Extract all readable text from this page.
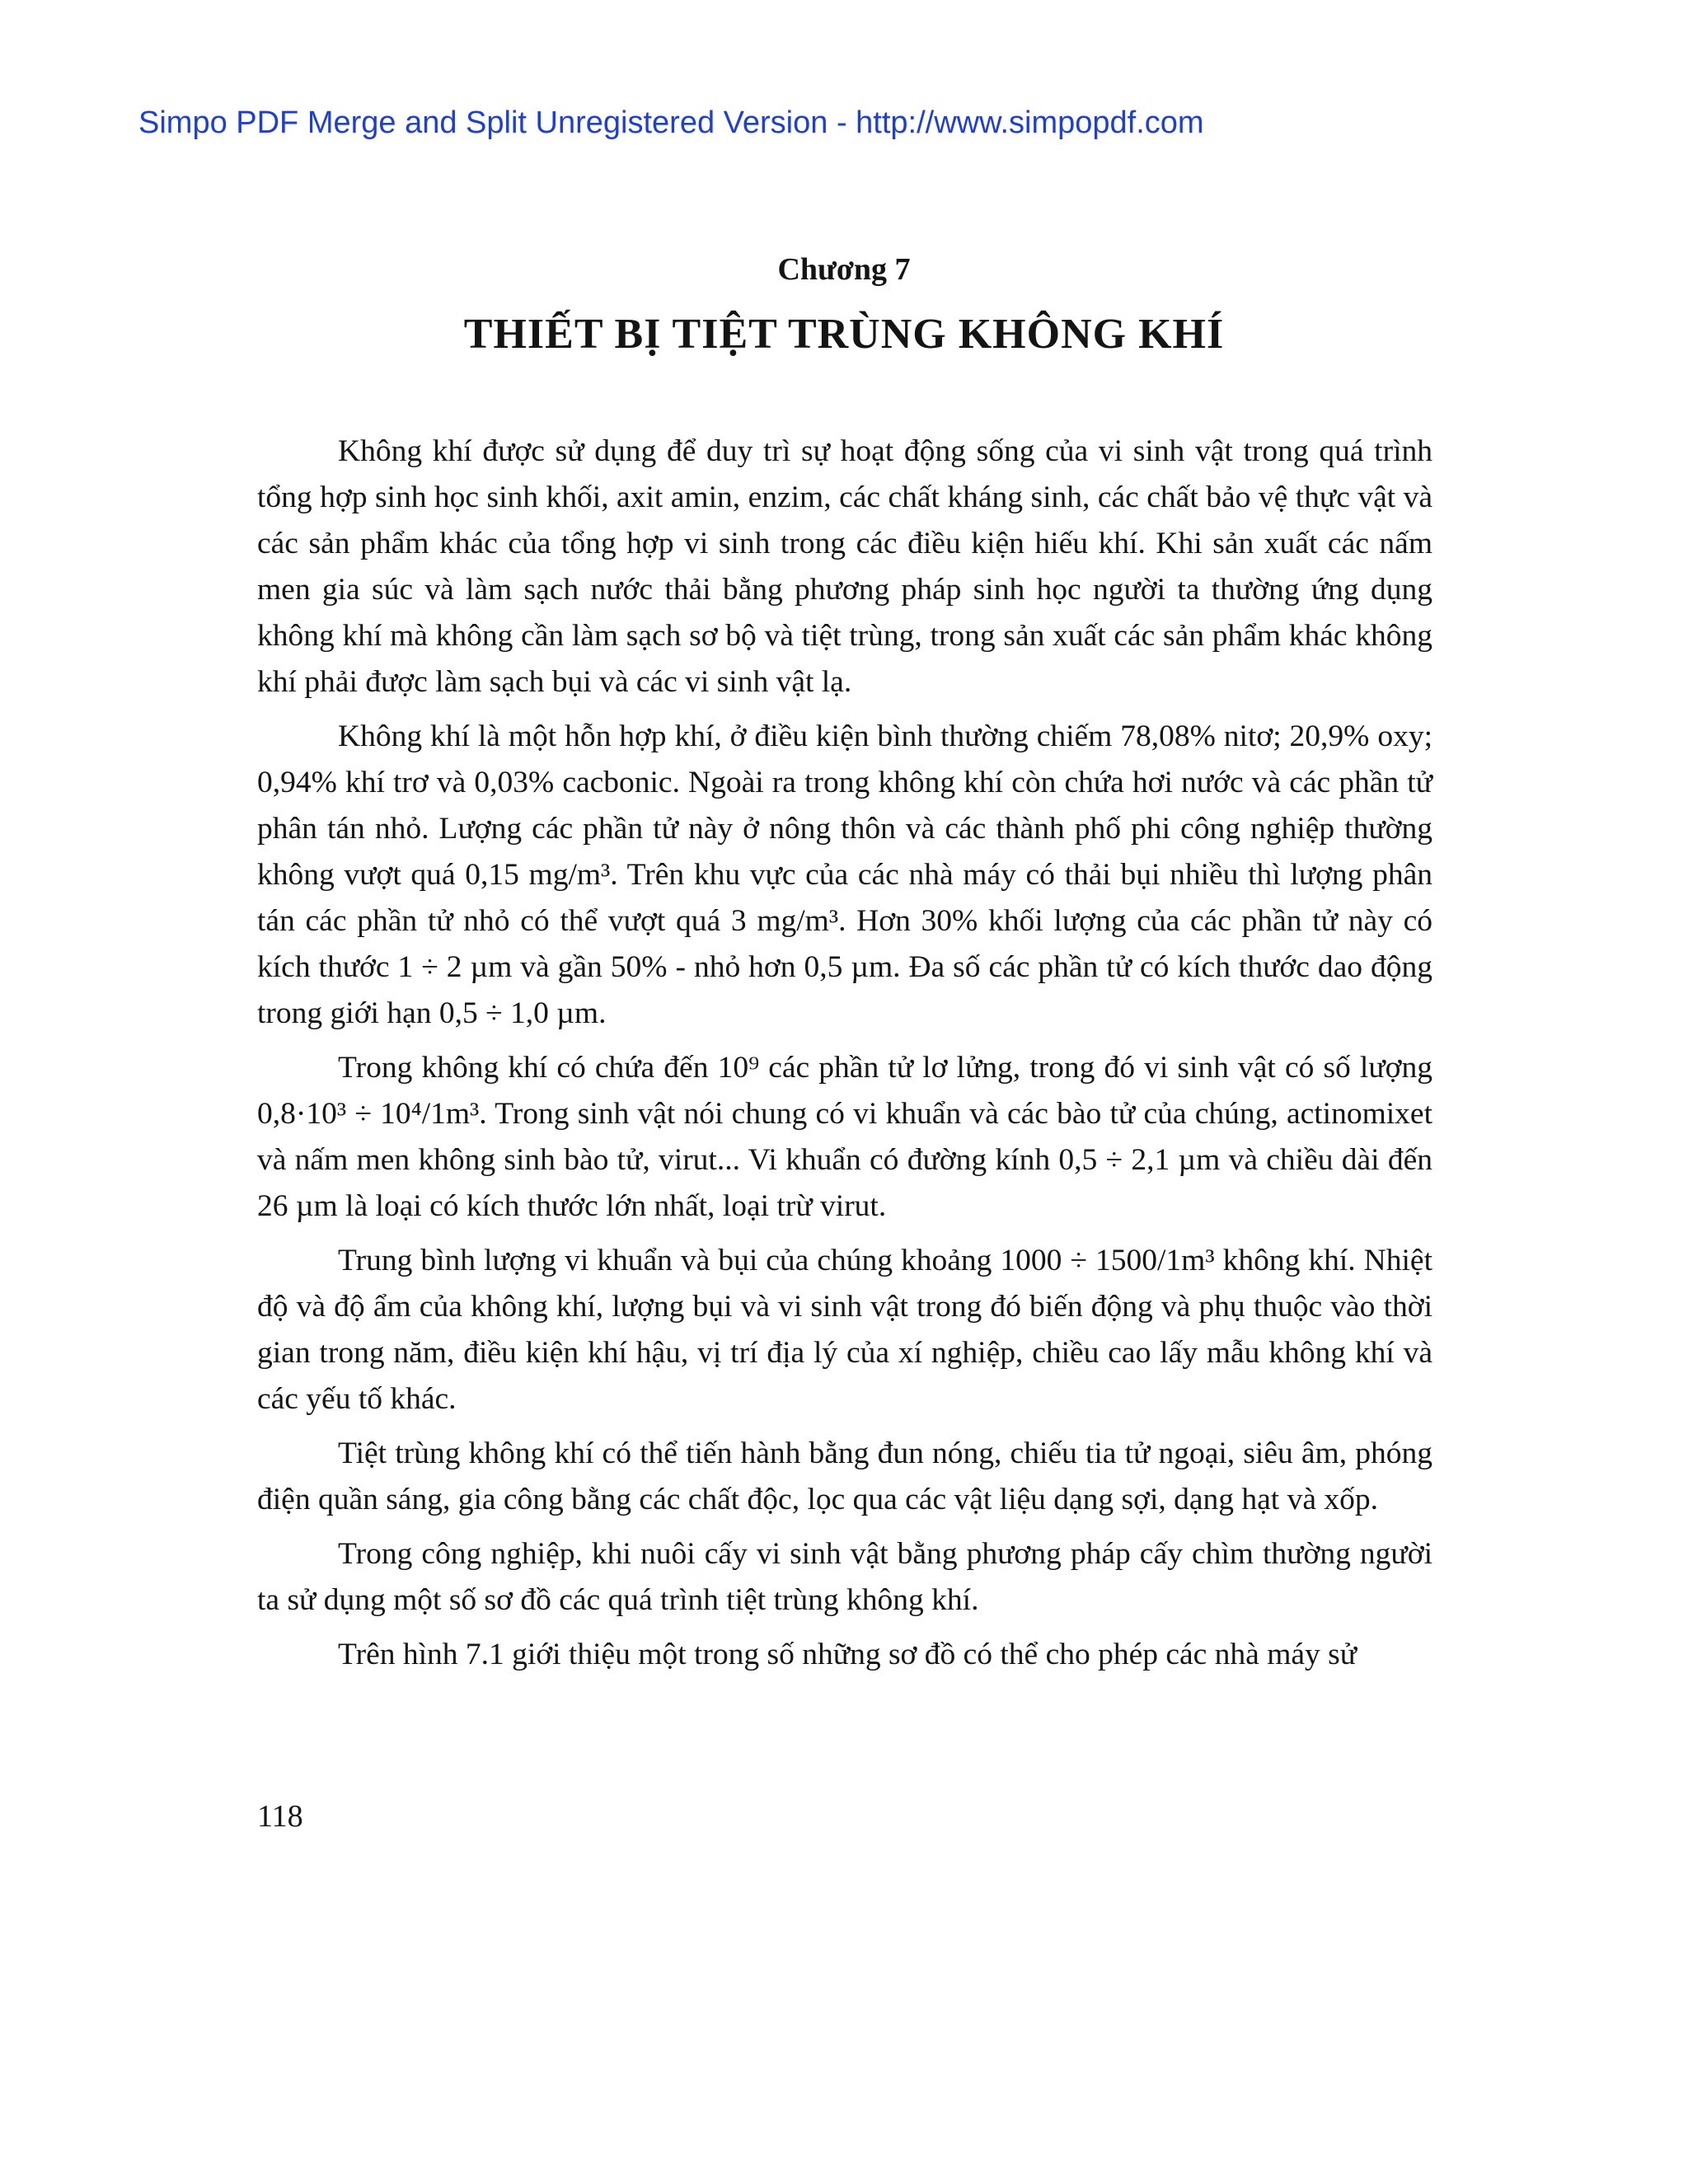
Simpo PDF Merge and Split Unregistered Version - http://www.simpopdf.com
Chương 7
THIẾT BỊ TIỆT TRÙNG KHÔNG KHÍ

Không khí được sử dụng để duy trì sự hoạt động sống của vi sinh vật trong quá trình tổng hợp sinh học sinh khối, axit amin, enzim, các chất kháng sinh, các chất bảo vệ thực vật và các sản phẩm khác của tổng hợp vi sinh trong các điều kiện hiếu khí. Khi sản xuất các nấm men gia súc và làm sạch nước thải bằng phương pháp sinh học người ta thường ứng dụng không khí mà không cần làm sạch sơ bộ và tiệt trùng, trong sản xuất các sản phẩm khác không khí phải được làm sạch bụi và các vi sinh vật lạ.

Không khí là một hỗn hợp khí, ở điều kiện bình thường chiếm 78,08% nitơ; 20,9% oxy; 0,94% khí trơ và 0,03% cacbonic. Ngoài ra trong không khí còn chứa hơi nước và các phần tử phân tán nhỏ. Lượng các phần tử này ở nông thôn và các thành phố phi công nghiệp thường không vượt quá 0,15 mg/m³. Trên khu vực của các nhà máy có thải bụi nhiều thì lượng phân tán các phần tử nhỏ có thể vượt quá 3 mg/m³. Hơn 30% khối lượng của các phần tử này có kích thước 1 ÷ 2 µm và gần 50% - nhỏ hơn 0,5 µm. Đa số các phần tử có kích thước dao động trong giới hạn 0,5 ÷ 1,0 µm.

Trong không khí có chứa đến 10⁹ các phần tử lơ lửng, trong đó vi sinh vật có số lượng 0,8·10³ ÷ 10⁴/1m³. Trong sinh vật nói chung có vi khuẩn và các bào tử của chúng, actinomixet và nấm men không sinh bào tử, virut... Vi khuẩn có đường kính 0,5 ÷ 2,1 µm và chiều dài đến 26 µm là loại có kích thước lớn nhất, loại trừ virut.

Trung bình lượng vi khuẩn và bụi của chúng khoảng 1000 ÷ 1500/1m³ không khí. Nhiệt độ và độ ẩm của không khí, lượng bụi và vi sinh vật trong đó biến động và phụ thuộc vào thời gian trong năm, điều kiện khí hậu, vị trí địa lý của xí nghiệp, chiều cao lấy mẫu không khí và các yếu tố khác.

Tiệt trùng không khí có thể tiến hành bằng đun nóng, chiếu tia tử ngoại, siêu âm, phóng điện quần sáng, gia công bằng các chất độc, lọc qua các vật liệu dạng sợi, dạng hạt và xốp.

Trong công nghiệp, khi nuôi cấy vi sinh vật bằng phương pháp cấy chìm thường người ta sử dụng một số sơ đồ các quá trình tiệt trùng không khí.

Trên hình 7.1 giới thiệu một trong số những sơ đồ có thể cho phép các nhà máy sử

118
